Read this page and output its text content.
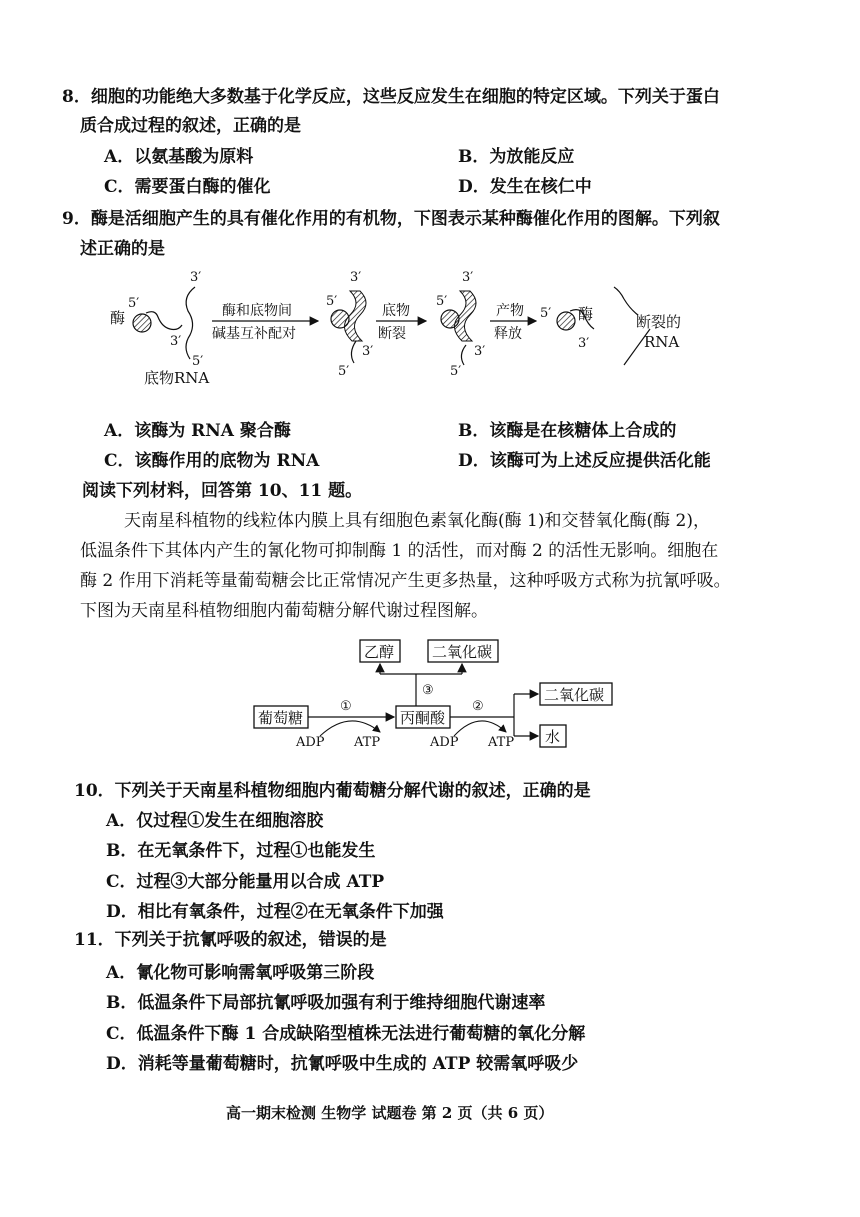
8．细胞的功能绝大多数基于化学反应，这些反应发生在细胞的特定区域。下列关于蛋白
质合成过程的叙述，正确的是
A．以氨基酸为原料	B．为放能反应
C．需要蛋白酶的催化	D．发生在核仁中
9．酶是活细胞产生的具有催化作用的有机物，下图表示某种酶催化作用的图解。下列叙
述正确的是
酶
5′
3′
3′
5′
底物RNA
酶和底物间
碱基互补配对
3′
5′
3′
5′
底物
断裂
3′
5′
3′
5′
产物
释放
5′
3′
酶	断裂的
RNA
A．该酶为 RNA 聚合酶	B．该酶是在核糖体上合成的
C．该酶作用的底物为 RNA	D．该酶可为上述反应提供活化能
阅读下列材料，回答第 10、11 题。
天南星科植物的线粒体内膜上具有细胞色素氧化酶(酶 1)和交替氧化酶(酶 2)，
低温条件下其体内产生的氰化物可抑制酶 1 的活性，而对酶 2 的活性无影响。细胞在
酶 2 作用下消耗等量葡萄糖会比正常情况产生更多热量，这种呼吸方式称为抗氰呼吸。
下图为天南星科植物细胞内葡萄糖分解代谢过程图解。
乙醇	二氧化碳
③
葡萄糖
①
ADP ATP
丙酮酸
②
ADP ATP
二氧化碳
水
10．下列关于天南星科植物细胞内葡萄糖分解代谢的叙述，正确的是
A．仅过程①发生在细胞溶胶
B．在无氧条件下，过程①也能发生
C．过程③大部分能量用以合成 ATP
D．相比有氧条件，过程②在无氧条件下加强
11．下列关于抗氰呼吸的叙述，错误的是
A．氰化物可影响需氧呼吸第三阶段
B．低温条件下局部抗氰呼吸加强有利于维持细胞代谢速率
C．低温条件下酶 1 合成缺陷型植株无法进行葡萄糖的氧化分解
D．消耗等量葡萄糖时，抗氰呼吸中生成的 ATP 较需氧呼吸少
高一期末检测 生物学 试题卷 第 2 页（共 6 页）
